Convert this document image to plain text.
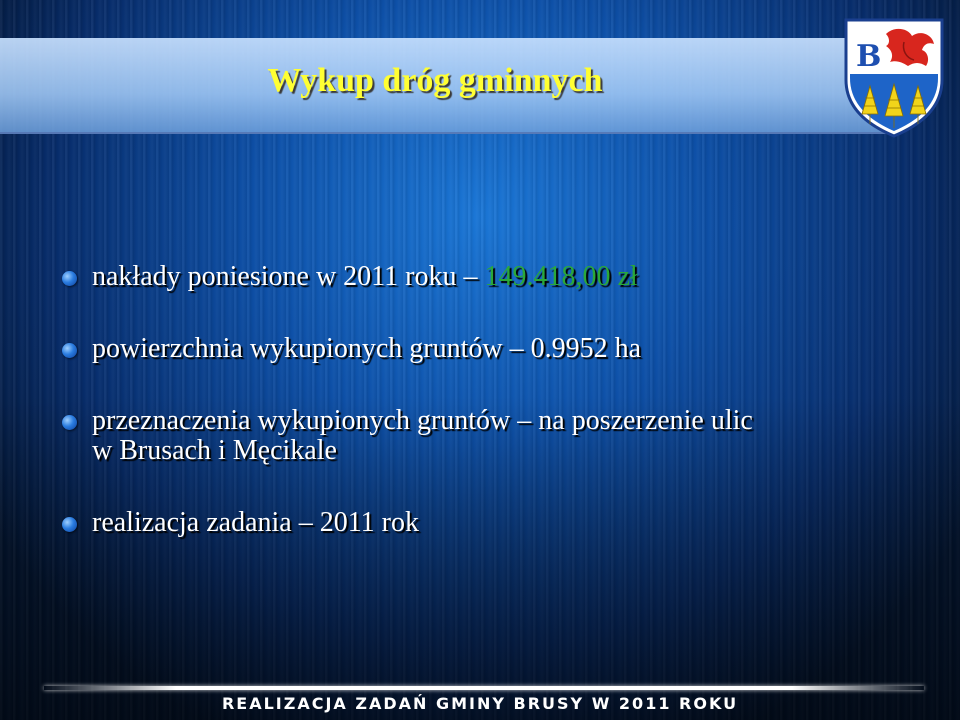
Wykup dróg gminnych
B
nakłady poniesione w 2011 roku – 149.418,00 zł
powierzchnia wykupionych gruntów – 0.9952 ha
przeznaczenia wykupionych gruntów – na poszerzenie ulic
w Brusach i Męcikale
realizacja zadania – 2011 rok

REALIZACJA ZADAŃ GMINY BRUSY W 2011 ROKU
